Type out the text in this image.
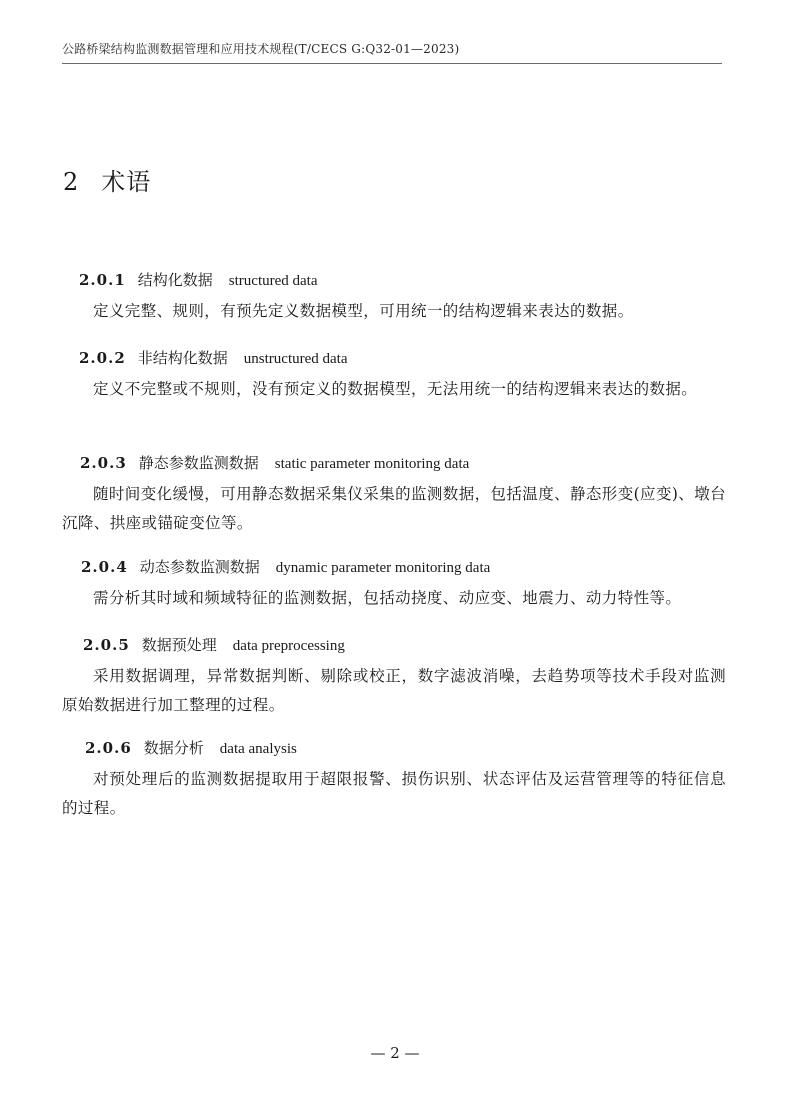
公路桥梁结构监测数据管理和应用技术规程(T/CECS G:Q32-01—2023)
2 术语
2.0.1 结构化数据 structured data
定义完整、规则，有预先定义数据模型，可用统一的结构逻辑来表达的数据。
2.0.2 非结构化数据 unstructured data
定义不完整或不规则，没有预定义的数据模型，无法用统一的结构逻辑来表达的数据。
2.0.3 静态参数监测数据 static parameter monitoring data
随时间变化缓慢，可用静态数据采集仪采集的监测数据，包括温度、静态形变(应变)、墩台沉降、拱座或锚碇变位等。
2.0.4 动态参数监测数据 dynamic parameter monitoring data
需分析其时域和频域特征的监测数据，包括动挠度、动应变、地震力、动力特性等。
2.0.5 数据预处理 data preprocessing
采用数据调理，异常数据判断、剔除或校正，数字滤波消噪，去趋势项等技术手段对监测原始数据进行加工整理的过程。
2.0.6 数据分析 data analysis
对预处理后的监测数据提取用于超限报警、损伤识别、状态评估及运营管理等的特征信息的过程。
— 2 —
